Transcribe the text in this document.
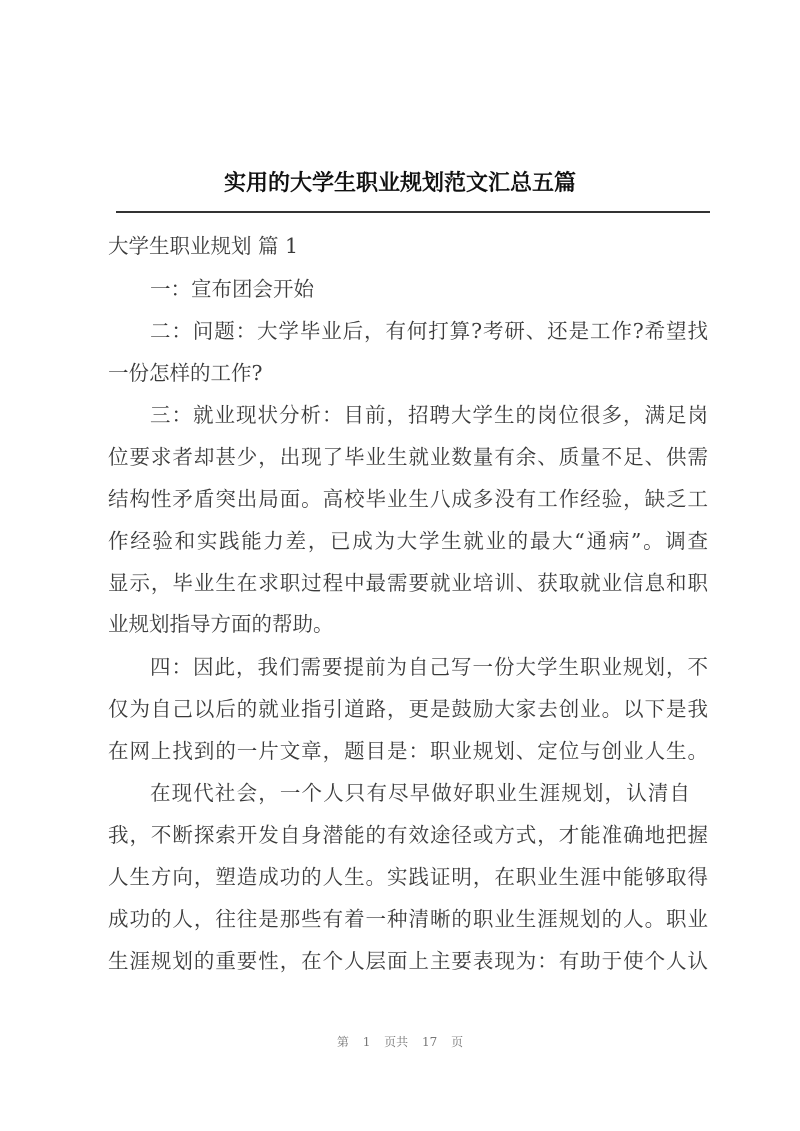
实用的大学生职业规划范文汇总五篇
大学生职业规划 篇 1
一：宣布团会开始
二：问题：大学毕业后，有何打算?考研、还是工作?希望找
一份怎样的工作?
三：就业现状分析：目前，招聘大学生的岗位很多，满足岗
位要求者却甚少，出现了毕业生就业数量有余、质量不足、供需
结构性矛盾突出局面。高校毕业生八成多没有工作经验，缺乏工
作经验和实践能力差，已成为大学生就业的最大“通病”。调查
显示，毕业生在求职过程中最需要就业培训、获取就业信息和职
业规划指导方面的帮助。
四：因此，我们需要提前为自己写一份大学生职业规划，不
仅为自己以后的就业指引道路，更是鼓励大家去创业。以下是我
在网上找到的一片文章，题目是：职业规划、定位与创业人生。
在现代社会，一个人只有尽早做好职业生涯规划，认清自
我，不断探索开发自身潜能的有效途径或方式，才能准确地把握
人生方向，塑造成功的人生。实践证明，在职业生涯中能够取得
成功的人，往往是那些有着一种清晰的职业生涯规划的人。职业
生涯规划的重要性，在个人层面上主要表现为：有助于使个人认
第 1 页共 17 页
